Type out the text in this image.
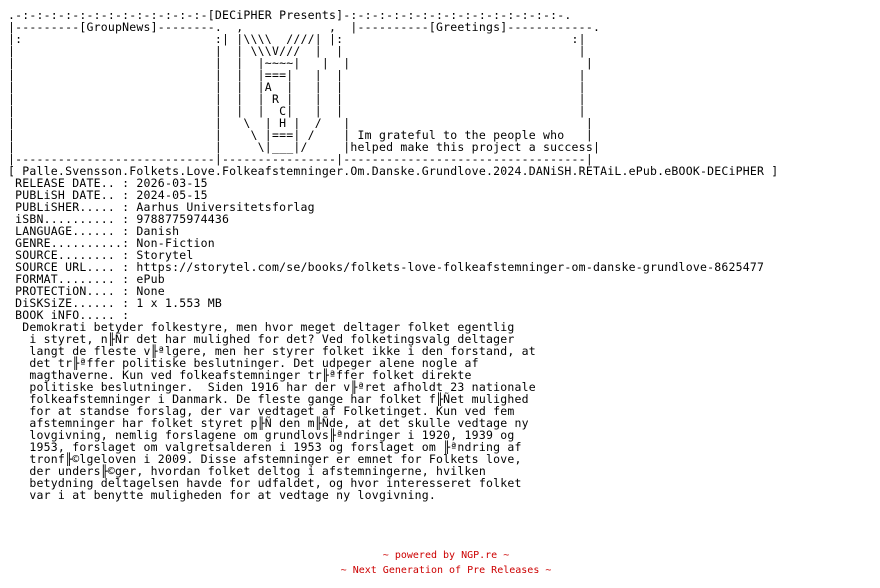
.-:-:-:-:-:-:-:-:-:-:-:-:-:-[DECiPHER Presents]-:-:-:-:-:-:-:-:-:-:-:-:-:-:-:-.
|---------[GroupNews]--------.  ,            ,  |----------[Greetings]------------.
|:                           :| |\\\\  ////| |:                                :|
|                            |  | \\\V///  |  |                                 |
|                            |  |  |~~~~|   |  |                                 |
|                            |  |  |===|   |  |                                 |
|                            |  |  |A  |   |  |                                 |
|                            |  |  | R |   |  |                                 |
|                            |  |  |  C|   |  |                                 |
|                            |   \  | H |  /   |                                 |
|                            |    \ |===| /    | Im grateful to the people who   |
|                            |     \|___|/     |helped make this project a success|
|----------------------------|----------------|----------------------------------|
[ Palle.Svensson.Folkets.Love.Folkeafstemninger.Om.Danske.Grundlove.2024.DANiSH.RETAiL.ePub.eBOOK-DECiPHER ]
RELEASE DATE.. : 2026-03-15
PUBLiSH DATE.. : 2024-05-15
PUBLiSHER..... : Aarhus Universitetsforlag
iSBN.......... : 9788775974436
LANGUAGE...... : Danish
GENRE..........: Non-Fiction
SOURCE........ : Storytel
SOURCE URL.... : https://storytel.com/se/books/folkets-love-folkeafstemninger-om-danske-grundlove-8625477
FORMAT........ : ePub
PROTECTiON.... : None
DiSKSiZE...... : 1 x 1.553 MB
BOOK iNFO..... :
Demokrati betyder folkestyre, men hvor meget deltager folket egentlig
i styret, n╟Ñr det har mulighed for det? Ved folketingsvalg deltager
langt de fleste v╟ªlgere, men her styrer folket ikke i den forstand, at
det tr╟ªffer politiske beslutninger. Det udpeger alene nogle af
magthaverne. Kun ved folkeafstemninger tr╟ªffer folket direkte
politiske beslutninger.  Siden 1916 har der v╟ªret afholdt 23 nationale
folkeafstemninger i Danmark. De fleste gange har folket f╟Ñet mulighed
for at standse forslag, der var vedtaget af Folketinget. Kun ved fem
afstemninger har folket styret p╟Ñ den m╟Ñde, at det skulle vedtage ny
lovgivning, nemlig forslagene om grundlovs╟ªndringer i 1920, 1939 og
1953, forslaget om valgretsalderen i 1953 og forslaget om ╟ªndring af
tronf╟©lgeloven i 2009. Disse afstemninger er emnet for Folkets love,
der unders╟©ger, hvordan folket deltog i afstemningerne, hvilken
betydning deltagelsen havde for udfaldet, og hvor interesseret folket
var i at benytte muligheden for at vedtage ny lovgivning.

~ powered by NGP.re ~

~ Next Generation of Pre Releases ~
